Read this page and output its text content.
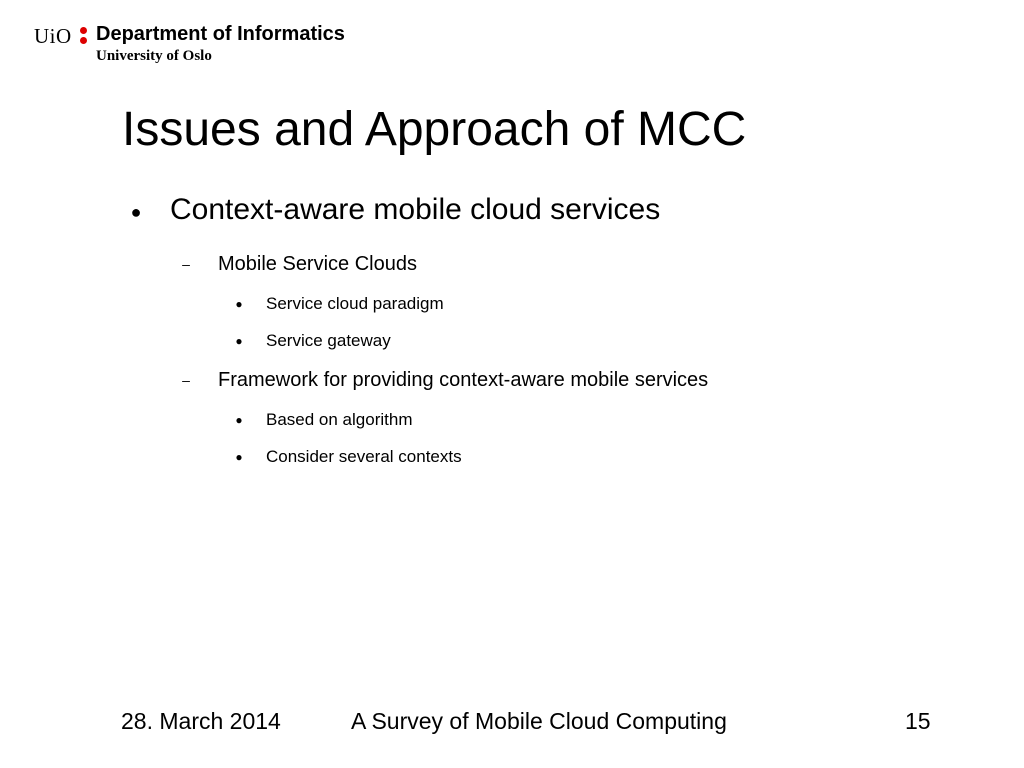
UiO Department of Informatics
University of Oslo
Issues and Approach of MCC
● Context-aware mobile cloud services
– Mobile Service Clouds
● Service cloud paradigm
● Service gateway
– Framework for providing context-aware mobile services
● Based on algorithm
● Consider several contexts
28. March 2014	A Survey of Mobile Cloud Computing	15
